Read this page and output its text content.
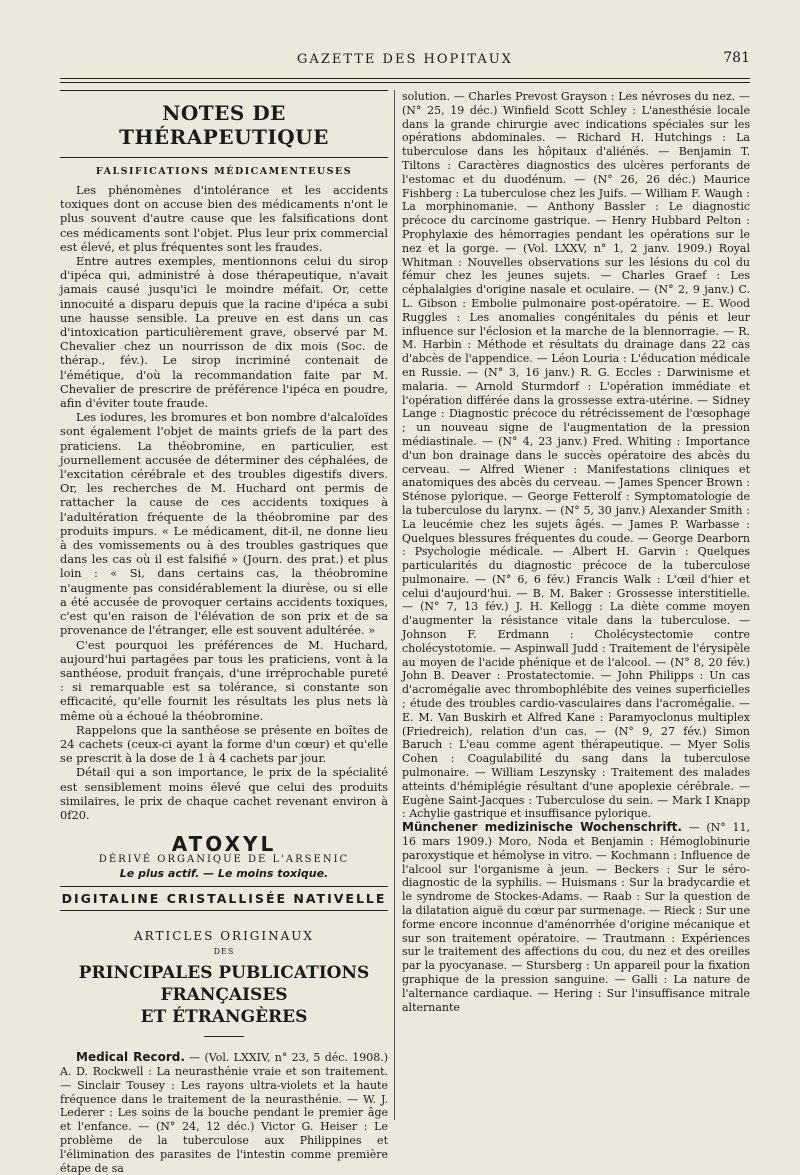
GAZETTE DES HOPITAUX	781
NOTES DE THÉRAPEUTIQUE
FALSIFICATIONS MÉDICAMENTEUSES

Les phénomènes d'intolérance et les accidents toxiques dont on accuse bien des médicaments n'ont le plus souvent d'autre cause que les falsifications dont ces médicaments sont l'objet. Plus leur prix commercial est élevé, et plus fréquentes sont les fraudes.

Entre autres exemples, mentionnons celui du sirop d'ipéca qui, administré à dose thérapeutique, n'avait jamais causé jusqu'ici le moindre méfait. Or, cette innocuité a disparu depuis que la racine d'ipéca a subi une hausse sensible. La preuve en est dans un cas d'intoxication particulièrement grave, observé par M. Chevalier chez un nourrisson de dix mois (Soc. de thérap., fév.). Le sirop incriminé contenait de l'émétique, d'où la recommandation faite par M. Chevalier de prescrire de préférence l'ipéca en poudre, afin d'éviter toute fraude.

Les iodures, les bromures et bon nombre d'alcaloïdes sont également l'objet de maints griefs de la part des praticiens. La théobromine, en particulier, est journellement accusée de déterminer des céphalées, de l'excitation cérébrale et des troubles digestifs divers. Or, les recherches de M. Huchard ont permis de rattacher la cause de ces accidents toxiques à l'adultération fréquente de la théobromine par des produits impurs. « Le médicament, dit-il, ne donne lieu à des vomissements ou à des troubles gastriques que dans les cas où il est falsifié » (Journ. des prat.) et plus loin : « Si, dans certains cas, la théobromine n'augmente pas considérablement la diurèse, ou si elle a été accusée de provoquer certains accidents toxiques, c'est qu'en raison de l'élévation de son prix et de sa provenance de l'étranger, elle est souvent adultérée. »

C'est pourquoi les préférences de M. Huchard, aujourd'hui partagées par tous les praticiens, vont à la santhéose, produit français, d'une irréprochable pureté : si remarquable est sa tolérance, si constante son efficacité, qu'elle fournit les résultats les plus nets là même où a échoué la théobromine.

Rappelons que la santhéose se présente en boîtes de 24 cachets (ceux-ci ayant la forme d'un cœur) et qu'elle se prescrit à la dose de 1 à 4 cachets par jour.

Détail qui a son importance, le prix de la spécialité est sensiblement moins élevé que celui des produits similaires, le prix de chaque cachet revenant environ à 0f20.

ATOXYL
DÉRIVÉ ORGANIQUE DE L'ARSENIC
Le plus actif. — Le moins toxique.
DIGITALINE CRISTALLISÉE NATIVELLE
ARTICLES ORIGINAUX
DES
PRINCIPALES PUBLICATIONS FRANÇAISES
ET ÉTRANGÈRES

Medical Record. — (Vol. LXXIV, n° 23, 5 déc. 1908.) A. D. Rockwell : La neurasthénie vraie et son traitement. — Sinclair Tousey : Les rayons ultra-violets et la haute fréquence dans le traitement de la neurasthénie. — W. J. Lederer : Les soins de la bouche pendant le premier âge et l'enfance. — (N° 24, 12 déc.) Victor G. Heiser : Le problème de la tuberculose aux Philippines et l'élimination des parasites de l'intestin comme première étape de sa

solution. — Charles Prevost Grayson : Les névroses du nez. — (N° 25, 19 déc.) Winfield Scott Schley : L'anesthésie locale dans la grande chirurgie avec indications spéciales sur les opérations abdominales. — Richard H. Hutchings : La tuberculose dans les hôpitaux d'aliénés. — Benjamin T. Tiltons : Caractères diagnostics des ulcères perforants de l'estomac et du duodénum. — (N° 26, 26 déc.) Maurice Fishberg : La tuberculose chez les Juifs. — William F. Waugh : La morphinomanie. — Anthony Bassler : Le diagnostic précoce du carcinome gastrique. — Henry Hubbard Pelton : Prophylaxie des hémorragies pendant les opérations sur le nez et la gorge. — (Vol. LXXV, n° 1, 2 janv. 1909.) Royal Whitman : Nouvelles observations sur les lésions du col du fémur chez les jeunes sujets. — Charles Graef : Les céphalalgies d'origine nasale et oculaire. — (N° 2, 9 janv.) C. L. Gibson : Embolie pulmonaire post-opératoire. — E. Wood Ruggles : Les anomalies congénitales du pénis et leur influence sur l'éclosion et la marche de la blennorragie. — R. M. Harbin : Méthode et résultats du drainage dans 22 cas d'abcès de l'appendice. — Léon Louria : L'éducation médicale en Russie. — (N° 3, 16 janv.) R. G. Eccles : Darwinisme et malaria. — Arnold Sturmdorf : L'opération immédiate et l'opération différée dans la grossesse extra-utérine. — Sidney Lange : Diagnostic précoce du rétrécissement de l'œsophage ; un nouveau signe de l'augmentation de la pression médiastinale. — (N° 4, 23 janv.) Fred. Whiting : Importance d'un bon drainage dans le succès opératoire des abcès du cerveau. — Alfred Wiener : Manifestations cliniques et anatomiques des abcès du cerveau. — James Spencer Brown : Sténose pylorique. — George Fetterolf : Symptomatologie de la tuberculose du larynx. — (N° 5, 30 janv.) Alexander Smith : La leucémie chez les sujets âgés. — James P. Warbasse : Quelques blessures fréquentes du coude. — George Dearborn : Psychologie médicale. — Albert H. Garvin : Quelques particularités du diagnostic précoce de la tuberculose pulmonaire. — (N° 6, 6 fév.) Francis Walk : L'œil d'hier et celui d'aujourd'hui. — B. M. Baker : Grossesse interstitielle. — (N° 7, 13 fév.) J. H. Kellogg : La diète comme moyen d'augmenter la résistance vitale dans la tuberculose. — Johnson F. Erdmann : Cholécystectomie contre cholécystotomie. — Aspinwall Judd : Traitement de l'érysipèle au moyen de l'acide phénique et de l'alcool. — (N° 8, 20 fév.) John B. Deaver : Prostatectomie. — John Philipps : Un cas d'acromégalie avec thrombophlébite des veines superficielles ; étude des troubles cardio-vasculaires dans l'acromégalie. — E. M. Van Buskirh et Alfred Kane : Paramyoclonus multiplex (Friedreich), relation d'un cas. — (N° 9, 27 fév.) Simon Baruch : L'eau comme agent thérapeutique. — Myer Solis Cohen : Coagulabilité du sang dans la tuberculose pulmonaire. — William Leszynsky : Traitement des malades atteints d'hémiplégie résultant d'une apoplexie cérébrale. — Eugène Saint-Jacques : Tuberculose du sein. — Mark I Knapp : Achylie gastrique et insuffisance pylorique.

Münchener medizinische Wochenschrift. — (N° 11, 16 mars 1909.) Moro, Noda et Benjamin : Hémoglobinurie paroxystique et hémolyse in vitro. — Kochmann : Influence de l'alcool sur l'organisme à jeun. — Beckers : Sur le séro-diagnostic de la syphilis. — Huismans : Sur la bradycardie et le syndrome de Stockes-Adams. — Raab : Sur la question de la dilatation aiguë du cœur par surmenage. — Rieck : Sur une forme encore inconnue d'aménorrhée d'origine mécanique et sur son traitement opératoire. — Trautmann : Expériences sur le traitement des affections du cou, du nez et des oreilles par la pyocyanase. — Stursberg : Un appareil pour la fixation graphique de la pression sanguine. — Galli : La nature de l'alternance cardiaque. — Hering : Sur l'insuffisance mitrale alternante
